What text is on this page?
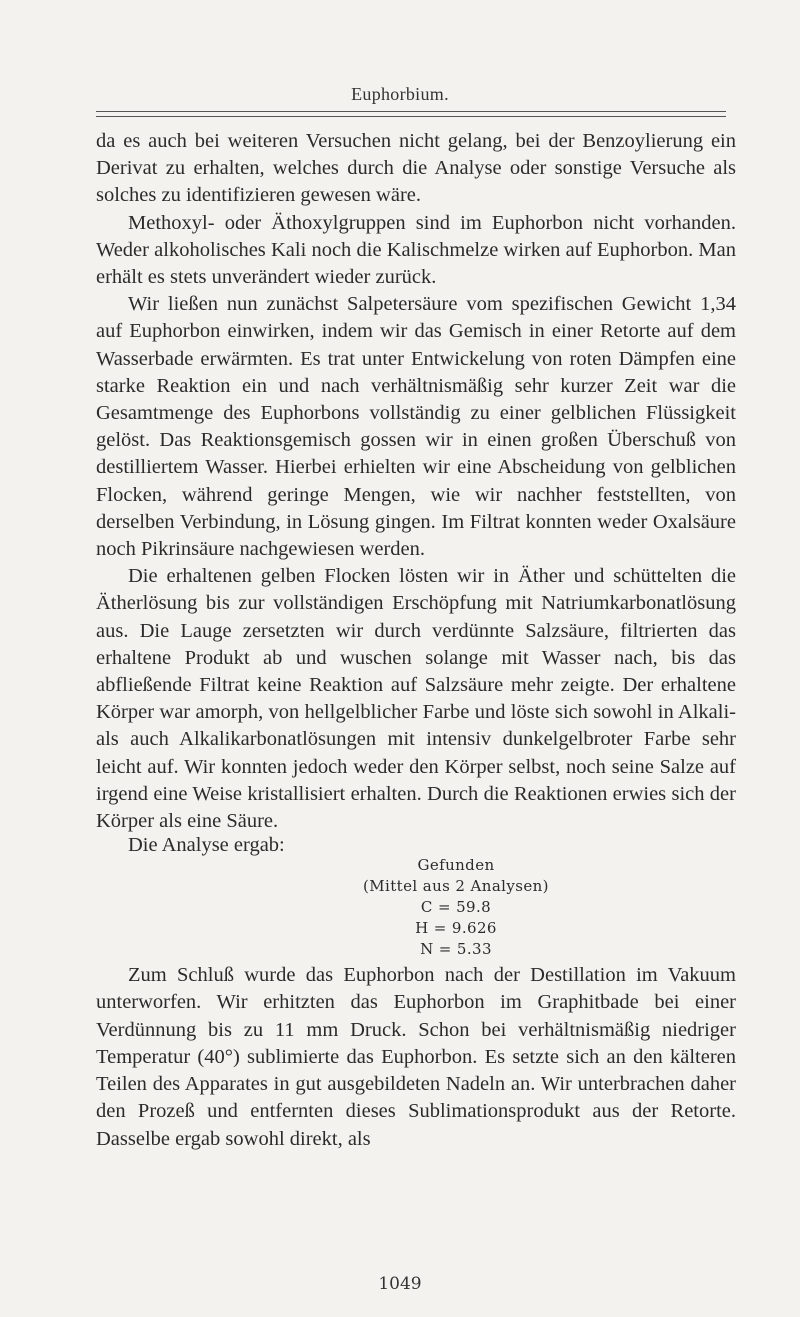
Euphorbium.

da es auch bei weiteren Versuchen nicht gelang, bei der Benzoylierung ein Derivat zu erhalten, welches durch die Analyse oder sonstige Versuche als solches zu identifizieren gewesen wäre.

Methoxyl- oder Äthoxylgruppen sind im Euphorbon nicht vorhanden. Weder alkoholisches Kali noch die Kalischmelze wirken auf Euphorbon. Man erhält es stets unverändert wieder zurück.

Wir ließen nun zunächst Salpetersäure vom spezifischen Gewicht 1,34 auf Euphorbon einwirken, indem wir das Gemisch in einer Retorte auf dem Wasserbade erwärmten. Es trat unter Entwickelung von roten Dämpfen eine starke Reaktion ein und nach verhältnismäßig sehr kurzer Zeit war die Gesamtmenge des Euphorbons vollständig zu einer gelblichen Flüssigkeit gelöst. Das Reaktionsgemisch gossen wir in einen großen Überschuß von destilliertem Wasser. Hierbei erhielten wir eine Abscheidung von gelblichen Flocken, während geringe Mengen, wie wir nachher feststellten, von derselben Verbindung, in Lösung gingen. Im Filtrat konnten weder Oxalsäure noch Pikrinsäure nachgewiesen werden.

Die erhaltenen gelben Flocken lösten wir in Äther und schüttelten die Ätherlösung bis zur vollständigen Erschöpfung mit Natriumkarbonatlösung aus. Die Lauge zersetzten wir durch verdünnte Salzsäure, filtrierten das erhaltene Produkt ab und wuschen solange mit Wasser nach, bis das abfließende Filtrat keine Reaktion auf Salzsäure mehr zeigte. Der erhaltene Körper war amorph, von hellgelblicher Farbe und löste sich sowohl in Alkali- als auch Alkalikarbonatlösungen mit intensiv dunkelgelbroter Farbe sehr leicht auf. Wir konnten jedoch weder den Körper selbst, noch seine Salze auf irgend eine Weise kristallisiert erhalten. Durch die Reaktionen erwies sich der Körper als eine Säure.

Die Analyse ergab:
Gefunden
(Mittel aus 2 Analysen)
C = 59.8
H = 9.626
N = 5.33

Zum Schluß wurde das Euphorbon nach der Destillation im Vakuum unterworfen. Wir erhitzten das Euphorbon im Graphitbade bei einer Verdünnung bis zu 11 mm Druck. Schon bei verhältnismäßig niedriger Temperatur (40°) sublimierte das Euphorbon. Es setzte sich an den kälteren Teilen des Apparates in gut ausgebildeten Nadeln an. Wir unterbrachen daher den Prozeß und entfernten dieses Sublimationsprodukt aus der Retorte. Dasselbe ergab sowohl direkt, als

1049
